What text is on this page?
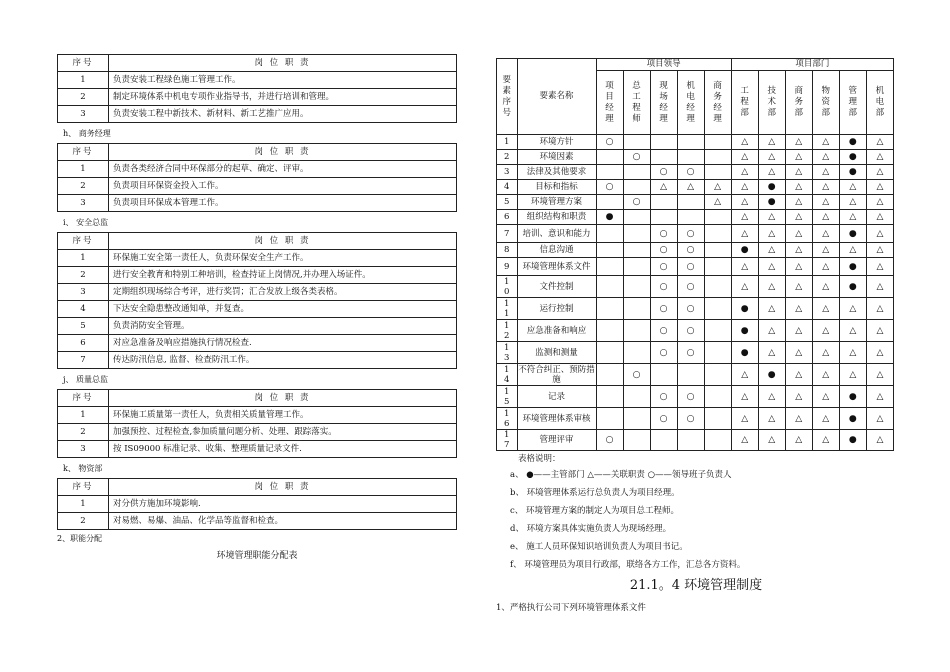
序号	岗 位 职 责
1	负责安装工程绿色施工管理工作。
2	制定环境体系中机电专项作业指导书，并进行培训和管理。
3	负责安装工程中新技术、新材料、新工艺推广应用。
h、 商务经理
序号	岗 位 职 责
1	负责各类经济合同中环保部分的起草、确定、评审。
2	负责项目环保资金投入工作。
3	负责项目环保成本管理工作。
i、 安全总监
序号	岗 位 职 责
1	环保施工安全第一责任人，负责环保安全生产工作。
2	进行安全教育和特别工种培训，检查持证上岗情况,并办理入场证件。
3	定期组织现场综合考评，进行奖罚；汇合发放上级各类表格。
4	下达安全隐患整改通知单，并复查。
5	负责消防安全管理。
6	对应急准备及响应措施执行情况检查.
7	传达防汛信息, 监督、检查防汛工作。
j、 质量总监
序号	岗 位 职 责
1	环保施工质量第一责任人，负责相关质量管理工作。
2	加强预控、过程检查,参加质量问题分析、处理、跟踪落实。
3	按 IS09000 标准记录、收集、整理质量记录文件.
k、 物资部
序号	岗 位 职 责
1	对分供方施加环境影响.
2	对易燃、易爆、油品、化学品等监督和检查。
2、职能分配
环境管理职能分配表
要素序号	要素名称	项目领导					项目部门					
		项目经理	总工程师	现场经理	机电经理	商务经理	工程部	技术部	商务部	物资部	管理部	机电部
1	环境方针	○					△	△	△	△	●	△
2	环境因素		○				△	△	△	△	●	△
3	法律及其他要求			○	○		△	△	△	△	●	△
4	目标和指标	○		△	△	△	△	●	△	△	△	△
5	环境管理方案		○			△	△	●	△	△	△	△
6	组织结构和职责	●					△	△	△	△	△	△
7	培训、意识和能力			○	○		△	△	△	△	●	△
8	信息沟通			○	○		●	△	△	△	△	△
9	环境管理体系文件			○	○		△	△	△	△	●	△
10	文件控制			○	○		△	△	△	△	●	△
11	运行控制			○	○		●	△	△	△	△	△
12	应急准备和响应			○	○		●	△	△	△	△	△
13	监测和测量			○	○		●	△	△	△	△	△
14	不符合纠正、预防措施		○				△	●	△	△	△	△
15	记录			○	○		△	△	△	△	●	△
16	环境管理体系审核			○	○		△	△	△	△	●	△
17	管理评审	○					△	△	△	△	●	△
表格说明：
a、 ●——主管部门 △——关联职责 ○——领导班子负责人
b、 环境管理体系运行总负责人为项目经理。
c、 环境管理方案的制定人为项目总工程师。
d、 环境方案具体实施负责人为现场经理。
e、 施工人员环保知识培训负责人为项目书记。
f、 环境管理员为项目行政部，联络各方工作，汇总各方资料。
21.1。4 环境管理制度
1、严格执行公司下列环境管理体系文件
